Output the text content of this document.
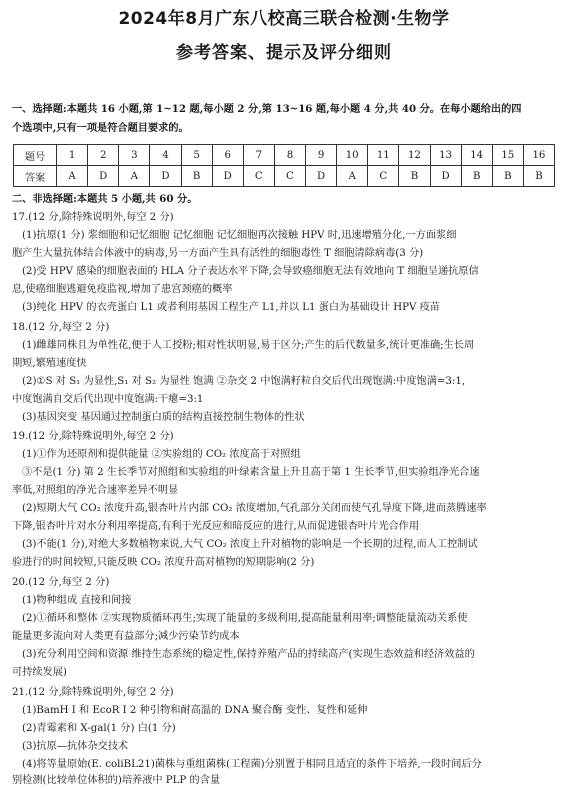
2024年8月广东八校高三联合检测·生物学
参考答案、提示及评分细则
一、选择题:本题共 16 小题,第 1~12 题,每小题 2 分,第 13~16 题,每小题 4 分,共 40 分。在每小题给出的四
个选项中,只有一项是符合题目要求的。
题号	1	2	3	4	5	6	7	8	9	10	11	12	13	14	15	16
答案	A	D	A	D	B	D	C	C	D	A	C	B	D	B	B	B
二、非选择题:本题共 5 小题,共 60 分。
17.(12 分,除特殊说明外,每空 2 分)
(1)抗原(1 分) 浆细胞和记忆细胞 记忆细胞 记忆细胞再次接触 HPV 时,迅速增殖分化,一方面浆细
胞产生大量抗体结合体液中的病毒,另一方面产生具有活性的细胞毒性 T 细胞清除病毒(3 分)
(2)受 HPV 感染的细胞表面的 HLA 分子表达水平下降,会导致癌细胞无法有效地向 T 细胞呈递抗原信
息,使癌细胞逃避免疫监视,增加了患宫颈癌的概率
(3)纯化 HPV 的衣壳蛋白 L1 或者利用基因工程生产 L1,并以 L1 蛋白为基础设计 HPV 疫苗
18.(12 分,每空 2 分)
(1)雌雄同株且为单性花,便于人工授粉;相对性状明显,易于区分;产生的后代数量多,统计更准确;生长周
期短,繁殖速度快
(2)①S 对 S₁ 为显性,S₁ 对 S₂ 为显性 饱满 ②杂交 2 中饱满籽粒自交后代出现饱满:中度饱满=3:1,
中度饱满自交后代出现中度饱满:干瘪=3:1
(3)基因突变 基因通过控制蛋白质的结构直接控制生物体的性状
19.(12 分,除特殊说明外,每空 2 分)
(1)①作为还原剂和提供能量 ②实验组的 CO₂ 浓度高于对照组
③不是(1 分) 第 2 生长季节对照组和实验组的叶绿素含量上升且高于第 1 生长季节,但实验组净光合速
率低,对照组的净光合速率差异不明显
(2)短期大气 CO₂ 浓度升高,银杏叶片内部 CO₂ 浓度增加,气孔部分关闭而使气孔导度下降,进而蒸腾速率
下降,银杏叶片对水分利用率提高,有利于光反应和暗反应的进行,从而促进银杏叶片光合作用
(3)不能(1 分),对绝大多数植物来说,大气 CO₂ 浓度上升对植物的影响是一个长期的过程,而人工控制试
验进行的时间较短,只能反映 CO₂ 浓度升高对植物的短期影响(2 分)
20.(12 分,每空 2 分)
(1)物种组成 直接和间接
(2)①循环和整体 ②实现物质循环再生;实现了能量的多级利用,提高能量利用率;调整能量流动关系使
能量更多流向对人类更有益部分;减少污染节约成本
(3)充分利用空间和资源 维持生态系统的稳定性,保持养殖产品的持续高产(实现生态效益和经济效益的
可持续发展)
21.(12 分,除特殊说明外,每空 2 分)
(1)BamH Ⅰ 和 EcoR Ⅰ 2 种引物和耐高温的 DNA 聚合酶 变性、复性和延伸
(2)青霉素和 X-gal(1 分) 白(1 分)
(3)抗原—抗体杂交技术
(4)将等量原始(E. coliBL21)菌株与重组菌株(工程菌)分别置于相同且适宜的条件下培养,一段时间后分
别检测(比较单位体积的)培养液中 PLP 的含量
